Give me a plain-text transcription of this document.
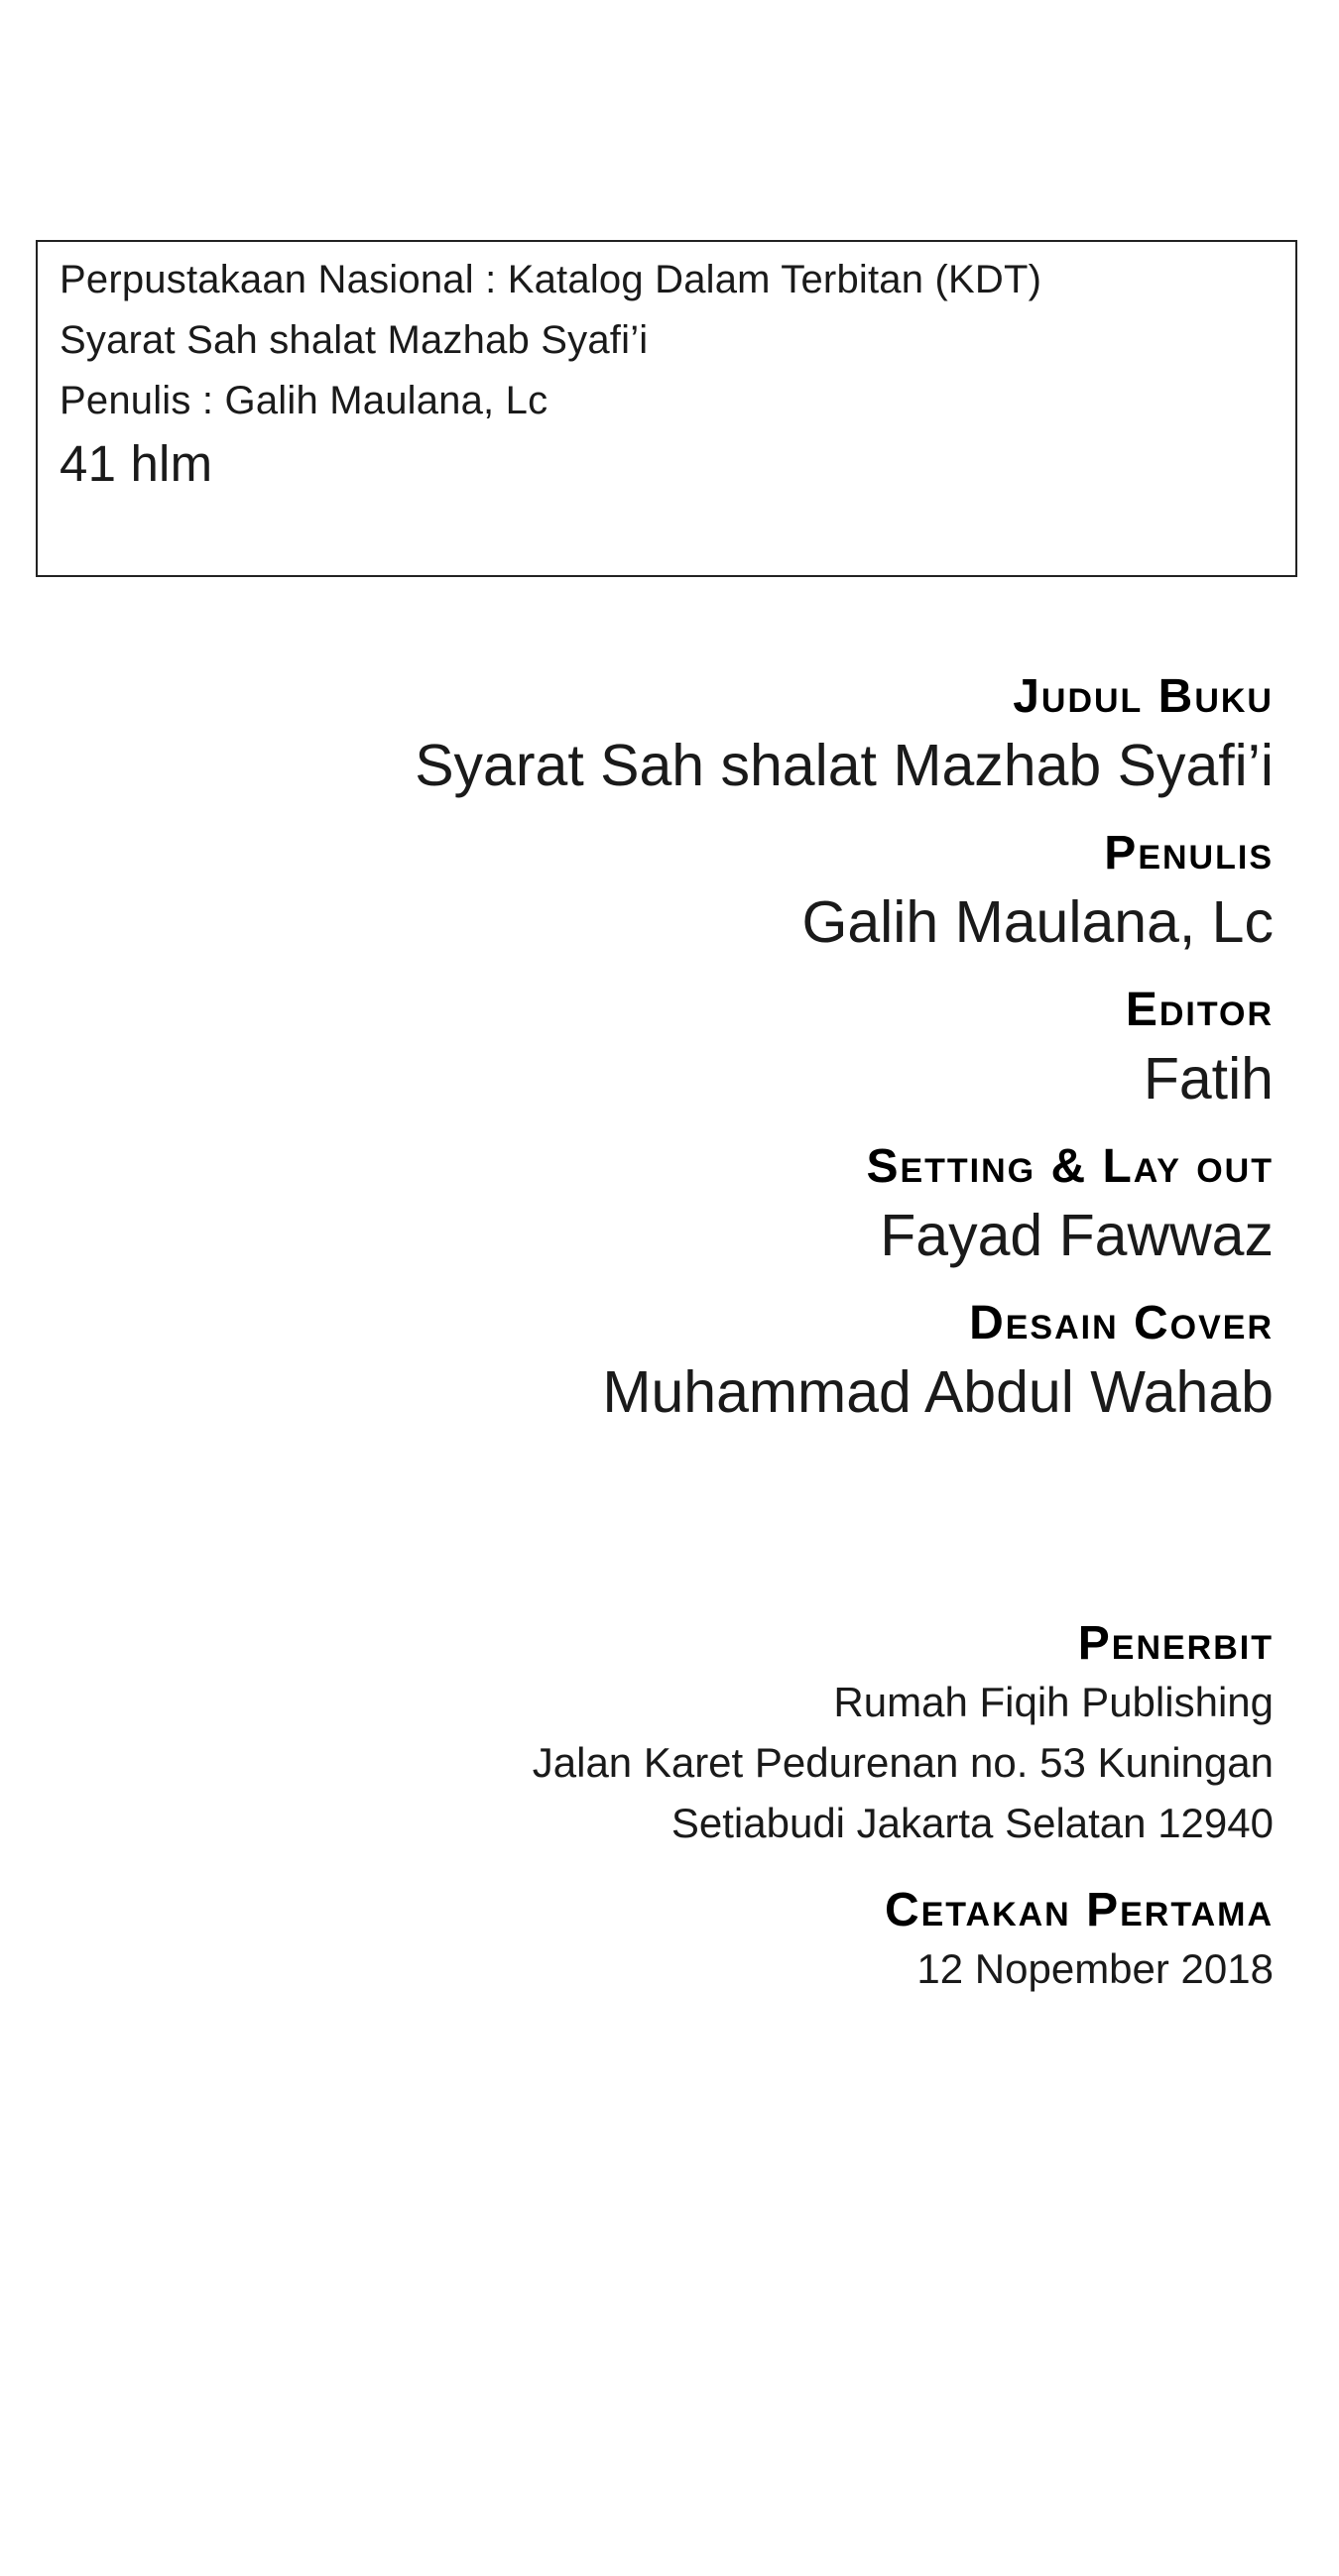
Perpustakaan Nasional : Katalog Dalam Terbitan (KDT)
Syarat Sah shalat Mazhab Syafi’i
Penulis : Galih Maulana, Lc
41 hlm
Judul Buku
Syarat Sah shalat Mazhab Syafi’i
Penulis
Galih Maulana, Lc
Editor
Fatih
Setting & Lay out
Fayad Fawwaz
Desain Cover
Muhammad Abdul Wahab
Penerbit
Rumah Fiqih Publishing
Jalan Karet Pedurenan no. 53 Kuningan
Setiabudi Jakarta Selatan 12940
Cetakan Pertama
12 Nopember 2018
